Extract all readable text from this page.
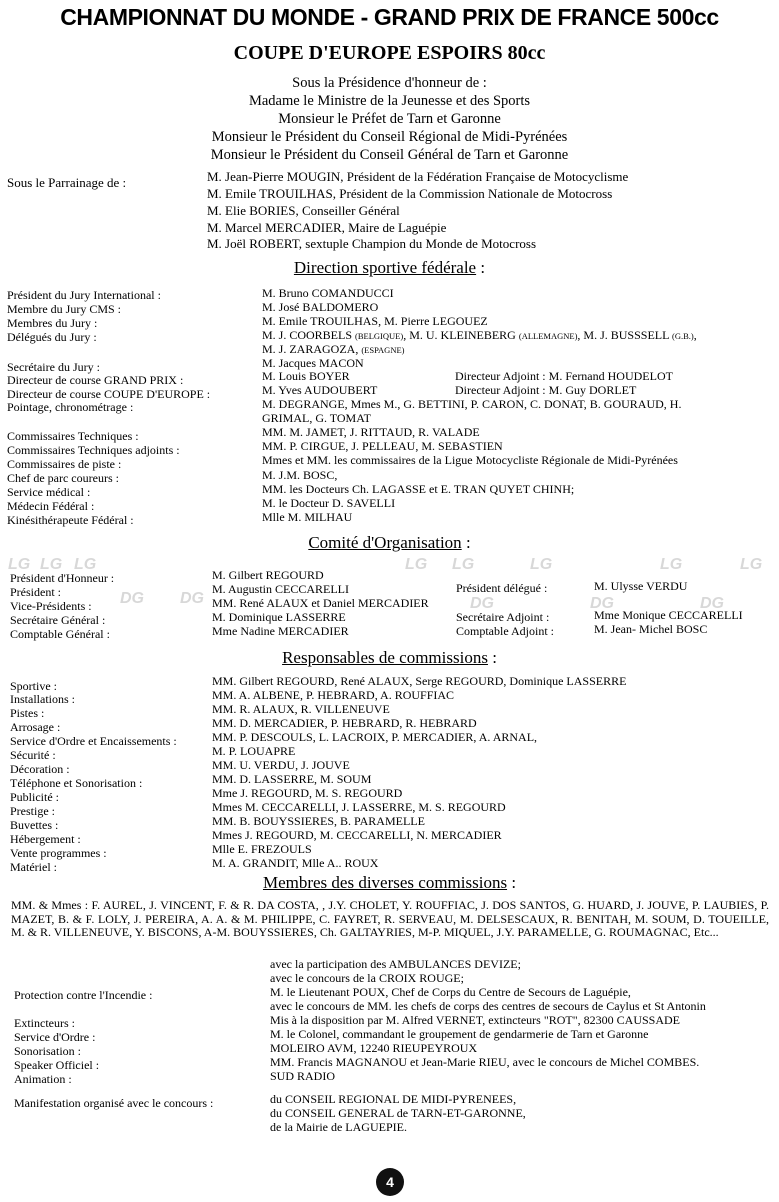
LG LG LG
DG DG
LG LG
DG
LG
DG
LG
DG
LG
CHAMPIONNAT DU MONDE - GRAND PRIX DE FRANCE 500cc
COUPE D'EUROPE ESPOIRS 80cc
Sous la Présidence d'honneur de :
Madame le Ministre de la Jeunesse et des Sports
Monsieur le Préfet de Tarn et Garonne
Monsieur le Président du Conseil Régional de Midi-Pyrénées
Monsieur le Président du Conseil Général de Tarn et Garonne
Sous le Parrainage de :	M. Jean-Pierre MOUGIN, Président de la Fédération Française de Motocyclisme
M. Emile TROUILHAS, Président de la Commission Nationale de Motocross
M. Elie BORIES, Conseiller Général
M. Marcel MERCADIER, Maire de Laguépie
M. Joël ROBERT, sextuple Champion du Monde de Motocross
Direction sportive fédérale :
Président du Jury International :	M. Bruno COMANDUCCI
Membre du Jury CMS :	M. José BALDOMERO
Membres du Jury :	M. Emile TROUILHAS, M. Pierre LEGOUEZ
Délégués du Jury :	M. J. COORBELS (BELGIQUE), M. U. KLEINEBERG (ALLEMAGNE), M. J. BUSSSELL (G.B.),
M. J. ZARAGOZA, (ESPAGNE)
Secrétaire du Jury :	M. Jacques MACON
Directeur de course GRAND PRIX :	M. Louis BOYER	Directeur Adjoint : M. Fernand HOUDELOT
Directeur de course COUPE D'EUROPE :	M. Yves AUDOUBERT	Directeur Adjoint : M. Guy DORLET
Pointage, chronométrage :	M. DEGRANGE, Mmes M., G. BETTINI, P. CARON, C. DONAT, B. GOURAUD, H.
GRIMAL, G. TOMAT
Commissaires Techniques :	MM. M. JAMET, J. RITTAUD, R. VALADE
Commissaires Techniques adjoints :	MM. P. CIRGUE, J. PELLEAU, M. SEBASTIEN
Commissaires de piste :	Mmes et MM. les commissaires de la Ligue Motocycliste Régionale de Midi-Pyrénées
Chef de parc coureurs :	M. J.M. BOSC,
Service médical :	MM. les Docteurs Ch. LAGASSE et E. TRAN QUYET CHINH;
Médecin Fédéral :	M. le Docteur D. SAVELLI
Kinésithérapeute Fédéral :	Mlle M. MILHAU
Comité d'Organisation :
Président d'Honneur :	M. Gilbert REGOURD
Président :	M. Augustin CECCARELLI	Président délégué :	M. Ulysse VERDU
Vice-Présidents :	MM. René ALAUX et Daniel MERCADIER
Secrétaire Général :	M. Dominique LASSERRE	Secrétaire Adjoint :	Mme Monique CECCARELLI
Comptable Général :	Mme Nadine MERCADIER	Comptable Adjoint :	M. Jean- Michel BOSC
Responsables de commissions :
Sportive :	MM. Gilbert REGOURD, René ALAUX, Serge REGOURD, Dominique LASSERRE
Installations :	MM. A. ALBENE, P. HEBRARD, A. ROUFFIAC
Pistes :	MM. R. ALAUX, R. VILLENEUVE
Arrosage :	MM. D. MERCADIER, P. HEBRARD, R. HEBRARD
Service d'Ordre et Encaissements :	MM. P. DESCOULS, L. LACROIX, P. MERCADIER, A. ARNAL,
Sécurité :	M. P. LOUAPRE
Décoration :	MM. U. VERDU, J. JOUVE
Téléphone et Sonorisation :	MM. D. LASSERRE, M. SOUM
Publicité :	Mme J. REGOURD, M. S. REGOURD
Prestige :	Mmes M. CECCARELLI, J. LASSERRE, M. S. REGOURD
Buvettes :	MM. B. BOUYSSIERES, B. PARAMELLE
Hébergement :	Mmes J. REGOURD, M. CECCARELLI, N. MERCADIER
Vente programmes :	Mlle E. FREZOULS
Matériel :	M. A. GRANDIT, Mlle A.. ROUX
Membres des diverses commissions :
MM. & Mmes : F. AUREL, J. VINCENT, F. & R. DA COSTA, , J.Y. CHOLET, Y. ROUFFIAC, J. DOS SANTOS, G. HUARD, J. JOUVE, P. LAUBIES, P. MAZET, B. & F. LOLY, J. PEREIRA, A. A. & M. PHILIPPE, C. FAYRET, R. SERVEAU, M. DELSESCAUX, R. BENITAH, M. SOUM, D. TOUEILLE, M. & R. VILLENEUVE, Y. BISCONS, A-M. BOUYSSIERES, Ch. GALTAYRIES, M-P. MIQUEL, J.Y. PARAMELLE, G. ROUMAGNAC, Etc...
avec la participation des AMBULANCES DEVIZE;
avec le concours de la CROIX ROUGE;
Protection contre l'Incendie :	M. le Lieutenant POUX, Chef de Corps du Centre de Secours de Laguépie,
avec le concours de MM. les chefs de corps des centres de secours de Caylus et St Antonin
Extincteurs :	Mis à la disposition par M. Alfred VERNET, extincteurs "ROT", 82300 CAUSSADE
Service d'Ordre :	M. le Colonel, commandant le groupement de gendarmerie de Tarn et Garonne
Sonorisation :	MOLEIRO AVM, 12240 RIEUPEYROUX
Speaker Officiel :	MM. Francis MAGNANOU et Jean-Marie RIEU, avec le concours de Michel COMBES.
Animation :	SUD RADIO
Manifestation organisé avec le concours :	du CONSEIL REGIONAL DE MIDI-PYRENEES,
du CONSEIL GENERAL de TARN-ET-GARONNE,
de la Mairie de LAGUEPIE.
4
